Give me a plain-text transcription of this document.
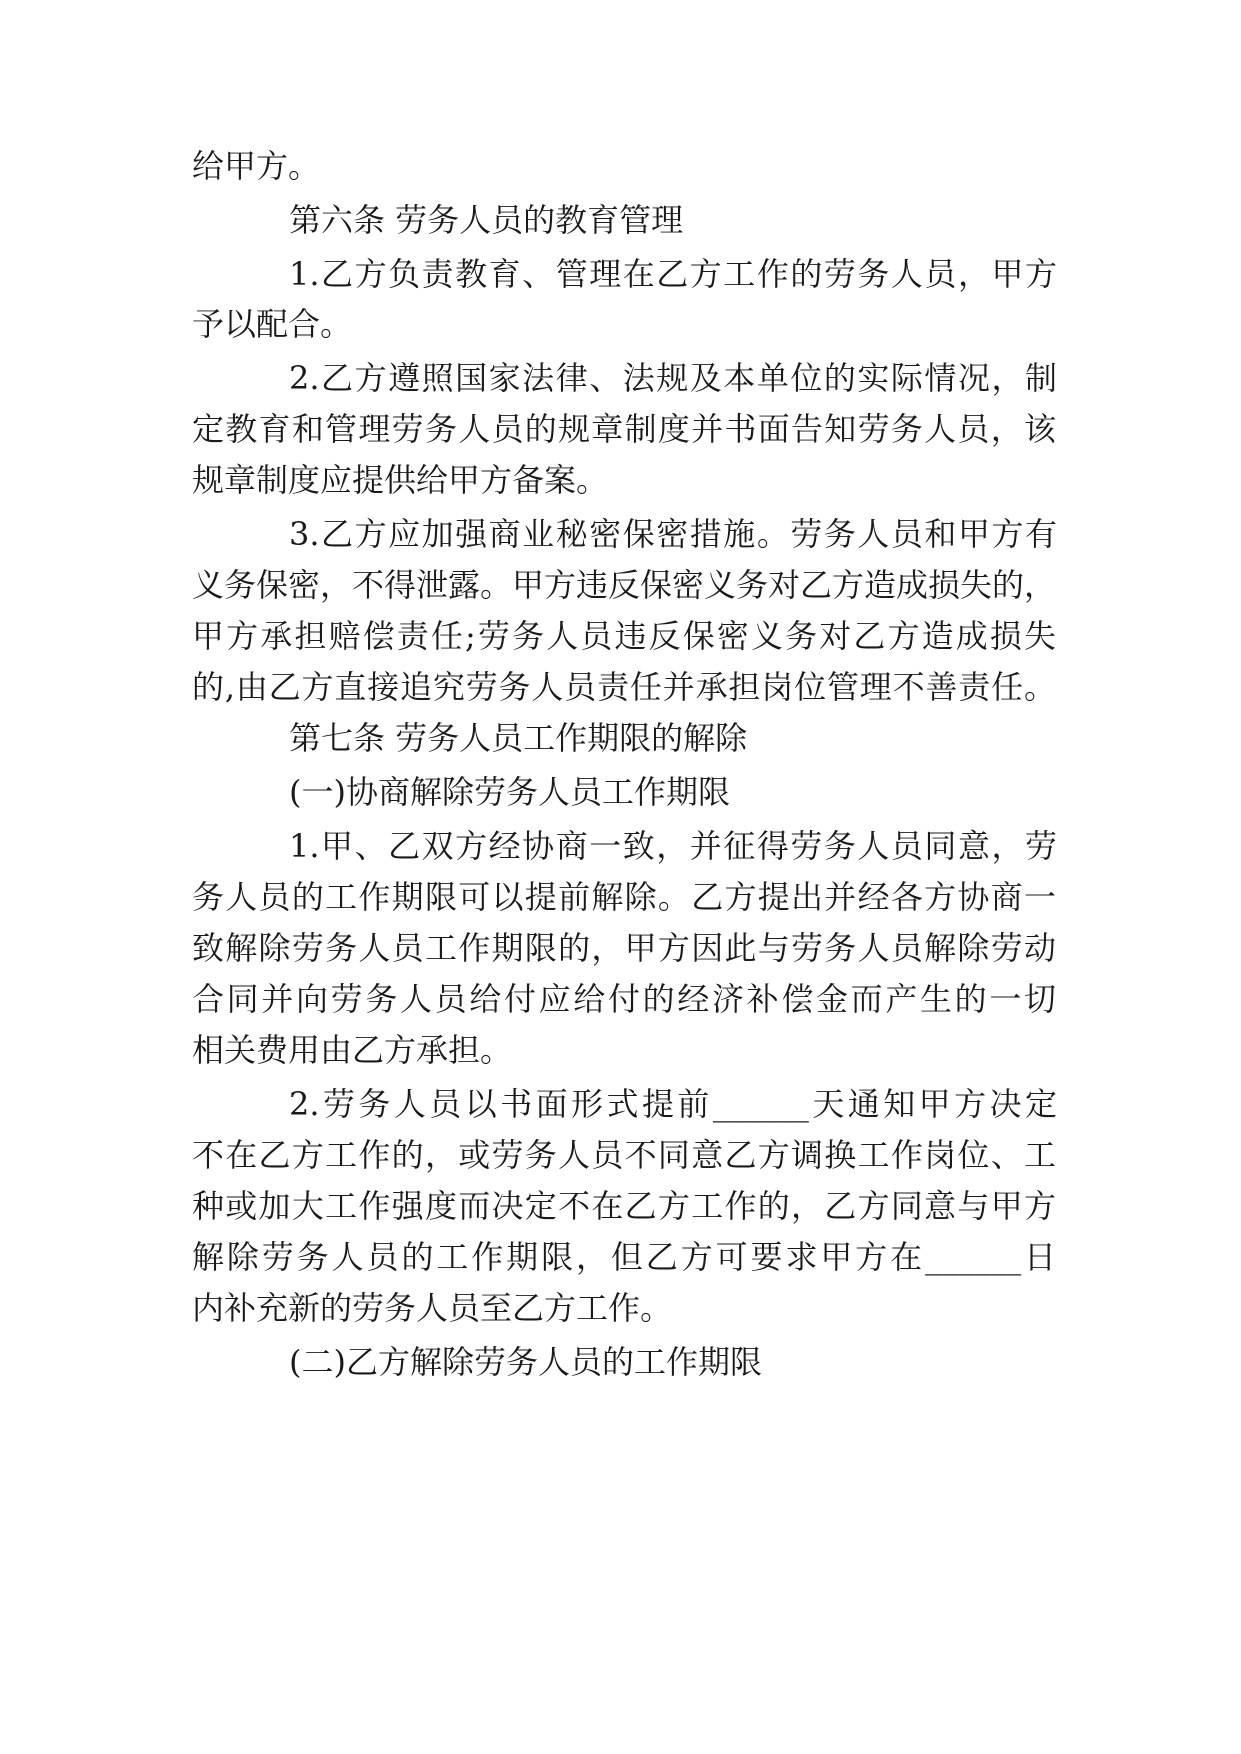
给甲方。
第六条 劳务人员的教育管理
1.乙方负责教育、管理在乙方工作的劳务人员，甲方
予以配合。
2.乙方遵照国家法律、法规及本单位的实际情况，制
定教育和管理劳务人员的规章制度并书面告知劳务人员，该
规章制度应提供给甲方备案。
3.乙方应加强商业秘密保密措施。劳务人员和甲方有
义务保密，不得泄露。甲方违反保密义务对乙方造成损失的，
甲方承担赔偿责任;劳务人员违反保密义务对乙方造成损失
的,由乙方直接追究劳务人员责任并承担岗位管理不善责任。
第七条 劳务人员工作期限的解除
(一)协商解除劳务人员工作期限
1.甲、乙双方经协商一致，并征得劳务人员同意，劳
务人员的工作期限可以提前解除。乙方提出并经各方协商一
致解除劳务人员工作期限的，甲方因此与劳务人员解除劳动
合同并向劳务人员给付应给付的经济补偿金而产生的一切
相关费用由乙方承担。
2.劳务人员以书面形式提前______天通知甲方决定
不在乙方工作的，或劳务人员不同意乙方调换工作岗位、工
种或加大工作强度而决定不在乙方工作的，乙方同意与甲方
解除劳务人员的工作期限，但乙方可要求甲方在______日
内补充新的劳务人员至乙方工作。
(二)乙方解除劳务人员的工作期限
